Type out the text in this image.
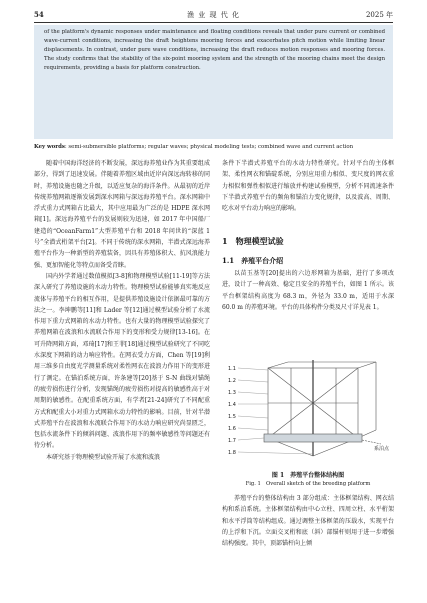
54	渔 业 现 代 化	2025 年
of the platform's dynamic responses under maintenance and floating conditions reveals that under pure current or combined wave-current conditions, increasing the draft heightens mooring forces and exacerbates pitch motion while limiting linear displacements. In contrast, under pure wave conditions, increasing the draft reduces motion responses and mooring forces. The study confirms that the stability of the six-point mooring system and the strength of the mooring chains meet the design requirements, providing a basis for platform construction.
Key words: semi-submersible platforms; regular waves; physical modeling tests; combined wave and current action

随着中国海洋经济的不断发展，深远海养殖业作为其重要组成部分，得到了迅速发展。伴随着养殖区域由近岸向深远海转移的同时，养殖设施也随之升级，以适应复杂的海洋条件。从最初的近岸传统养殖网箱逐渐发展到深水网箱与深远海养殖平台。深水网箱中浮式重力式网箱占比最大，其中应用最为广泛的是 HDPE 深水网箱[1]。深远海养殖平台的发展则较为迅速，如 2017 年中国船厂建造的“OceanFarm1”大型养殖平台和 2018 年问世的“深蓝 1 号”全潜式桁架平台[2]。不同于传统的深水网箱，半潜式深远海养殖平台作为一种新型的养殖装备，因具有养殖体积大、抗风浪能力强、更加智能化等特点而备受青睐。

国内外学者通过数值模拟[3-8]和物理模型试验[11-19]等方法深入研究了养殖设施的水动力特性。物理模型试验能够真实地反应流体与养殖平台的相互作用，是提供养殖设施设计依据最可靠的方法之一。李坤鹏等[11]和 Lader 等[12]通过模型试验分析了水流作用下重力式网箱的水动力特性。也有大量的物理模型试验探究了养殖网箱在波浪和水流联合作用下的变形和受力规律[13-16]。在可升降网箱方面，邓琦[17]和王菲[18]通过模型试验研究了不同吃水深度下网箱的动力响应特性。在网衣受力方面，Chen 等[19]利用三维多自由度光学测量系统对柔性网衣在波浪力作用下的变形进行了测定。在锚泊系统方面，许条建等[20]基于 S-N 曲线对锚绳的疲劳损伤进行分析，发现锚绳的疲劳损伤对提高的敏感性高于对周期的敏感性。在配重系统方面，有学者[21-24]研究了不同配重方式和配重大小对重力式网箱水动力特性的影响。目前，针对半潜式养殖平台在波浪和水流联合作用下的水动力响应研究尚显匮乏，包括水流条件下的倾斜问题、波浪作用下的频率敏感性等问题还有待分析。

本研究基于物理模型试验开展了水流和波浪

条件下半潜式养殖平台的水动力特性研究。针对平台的主体框架、柔性网衣和锚碇系统，分别应用重力相似、变尺度的网衣重力相似和弹性相似进行缩放并构建试验模型，分析不同流速条件下半潜式养殖平台的频角和锚泊力变化规律，以及波高、周期、吃水对平台动力响应的影响。

1　物理模型试验
1.1　养殖平台介绍

以苗玉基等[20]提出的六边形网箱为基础，进行了多项改进，设计了一种高效、稳定且安全的养殖平台，如图 1 所示。该平台框架结构高度为 68.3 m，外径为 33.0 m，适用于水深 60.0 m 的养殖环境。平台的具体构件分类及尺寸详见表 1。

1.1
1.2
1.3
1.4
1.5
1.6
1.7
1.8
系泊点
图 1　养殖平台整体结构图
Fig. 1　Overall sketch of the breeding platform

养殖平台的整体结构由 3 部分组成：主体框架结构、网衣结构和系泊系统。主体框架结构由中心立柱、四周立柱、水平桁架和水平浮筒等结构组成。通过调整主体框架的压载水，实现平台的上浮和下沉。立面交叉桁和底（斜）部锚杆则用于进一步增强结构强度。其中，顶部锚杆向上倾
